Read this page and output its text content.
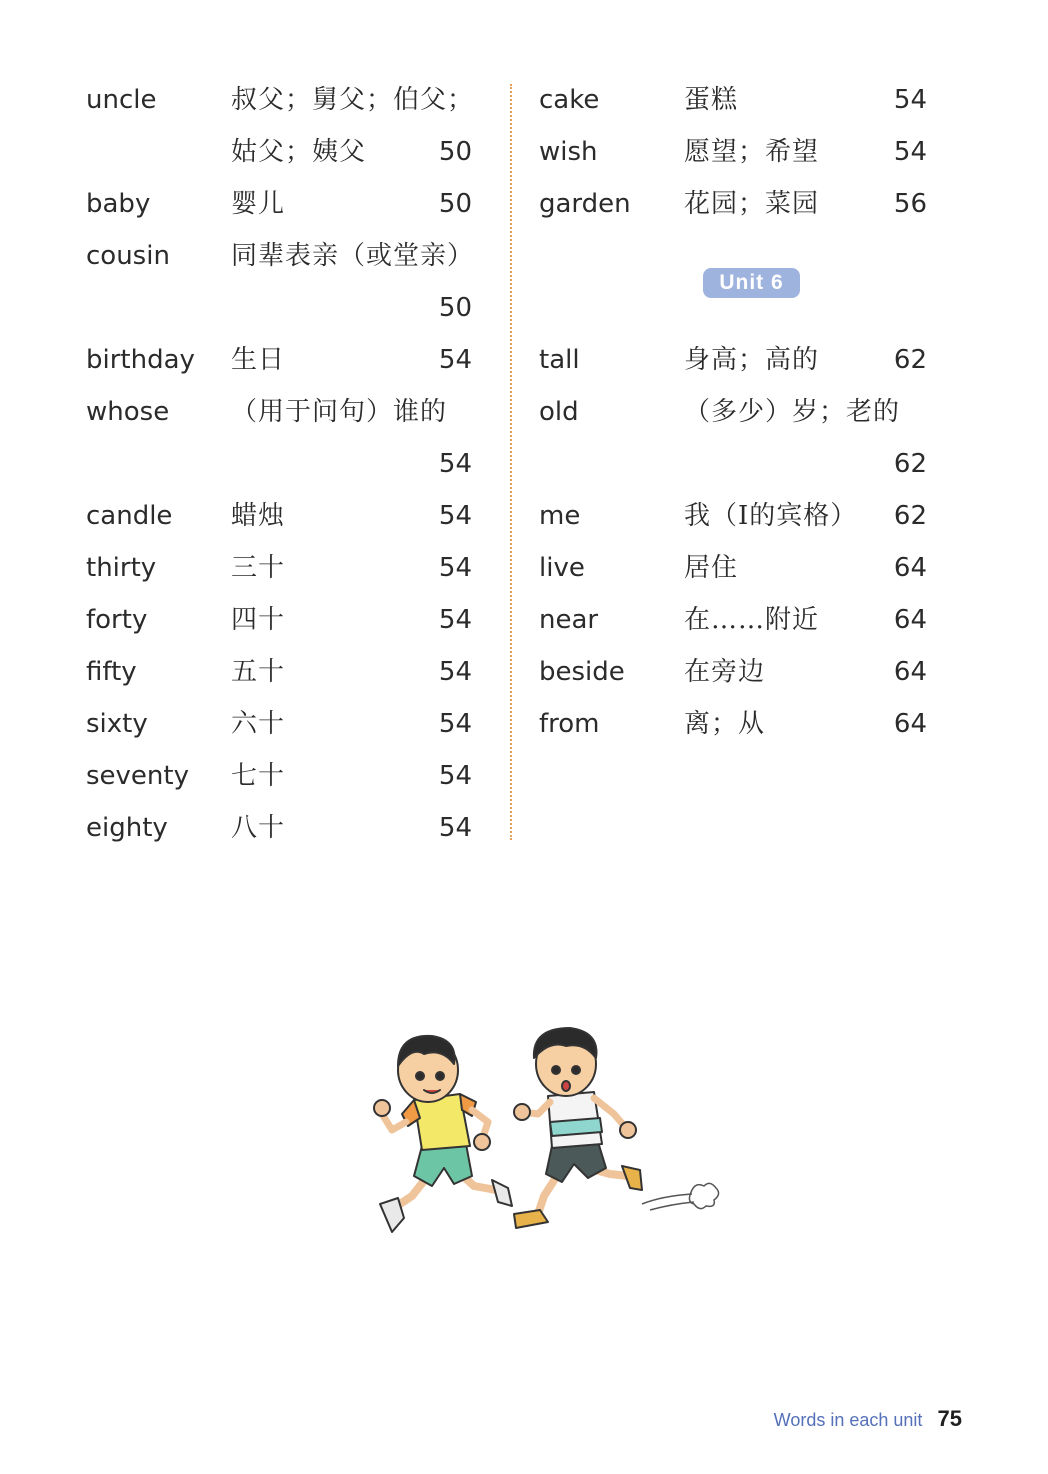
uncle	叔父；舅父；伯父；
姑父；姨父	50
baby	婴儿	50
cousin 同辈表亲（或堂亲）
50
birthday 生日	54
whose （用于问句）谁的
54
candle 蜡烛	54
thirty	三十	54
forty	四十	54
fifty	五十	54
sixty	六十	54
seventy 七十	54
eighty 八十	54
cake	蛋糕	54
wish	愿望；希望	54
garden 花园；菜园	56
Unit 6
tall	身高；高的	62
old	（多少）岁；老的
62
me	我（I的宾格） 62
live	居住	64
near	在……附近	64
beside 在旁边	64
from	离；从	64
Words in each unit 75
